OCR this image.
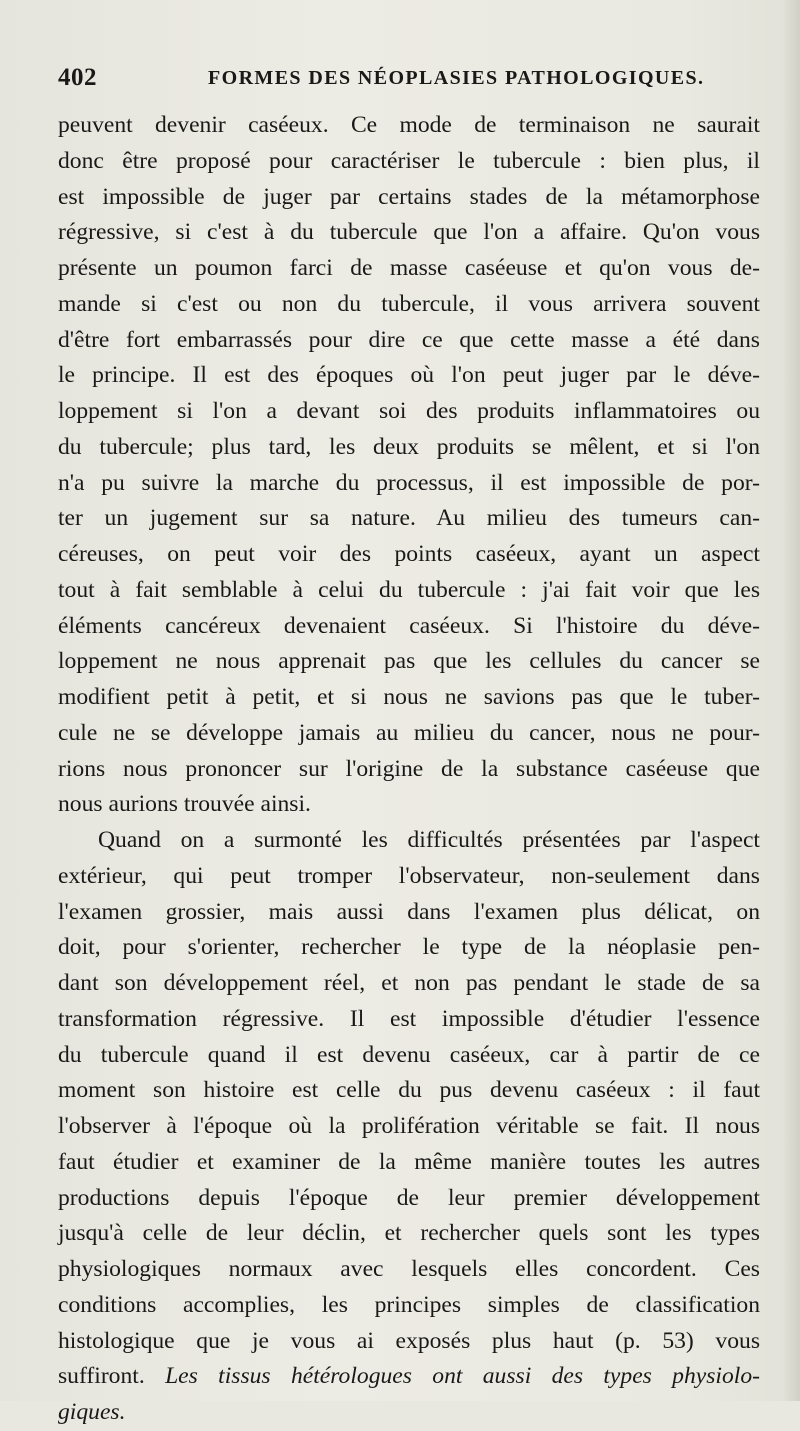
402	FORMES DES NÉOPLASIES PATHOLOGIQUES.
peuvent devenir caséeux. Ce mode de terminaison ne saurait
donc être proposé pour caractériser le tubercule : bien plus, il
est impossible de juger par certains stades de la métamorphose
régressive, si c'est à du tubercule que l'on a affaire. Qu'on vous
présente un poumon farci de masse caséeuse et qu'on vous de-
mande si c'est ou non du tubercule, il vous arrivera souvent
d'être fort embarrassés pour dire ce que cette masse a été dans
le principe. Il est des époques où l'on peut juger par le déve-
loppement si l'on a devant soi des produits inflammatoires ou
du tubercule; plus tard, les deux produits se mêlent, et si l'on
n'a pu suivre la marche du processus, il est impossible de por-
ter un jugement sur sa nature. Au milieu des tumeurs can-
céreuses, on peut voir des points caséeux, ayant un aspect
tout à fait semblable à celui du tubercule : j'ai fait voir que les
éléments cancéreux devenaient caséeux. Si l'histoire du déve-
loppement ne nous apprenait pas que les cellules du cancer se
modifient petit à petit, et si nous ne savions pas que le tuber-
cule ne se développe jamais au milieu du cancer, nous ne pour-
rions nous prononcer sur l'origine de la substance caséeuse que
nous aurions trouvée ainsi.
Quand on a surmonté les difficultés présentées par l'aspect
extérieur, qui peut tromper l'observateur, non-seulement dans
l'examen grossier, mais aussi dans l'examen plus délicat, on
doit, pour s'orienter, rechercher le type de la néoplasie pen-
dant son développement réel, et non pas pendant le stade de sa
transformation régressive. Il est impossible d'étudier l'essence
du tubercule quand il est devenu caséeux, car à partir de ce
moment son histoire est celle du pus devenu caséeux : il faut
l'observer à l'époque où la prolifération véritable se fait. Il nous
faut étudier et examiner de la même manière toutes les autres
productions depuis l'époque de leur premier développement
jusqu'à celle de leur déclin, et rechercher quels sont les types
physiologiques normaux avec lesquels elles concordent. Ces
conditions accomplies, les principes simples de classification
histologique que je vous ai exposés plus haut (p. 53) vous
suffiront. Les tissus hétérologues ont aussi des types physiolo-
giques.
